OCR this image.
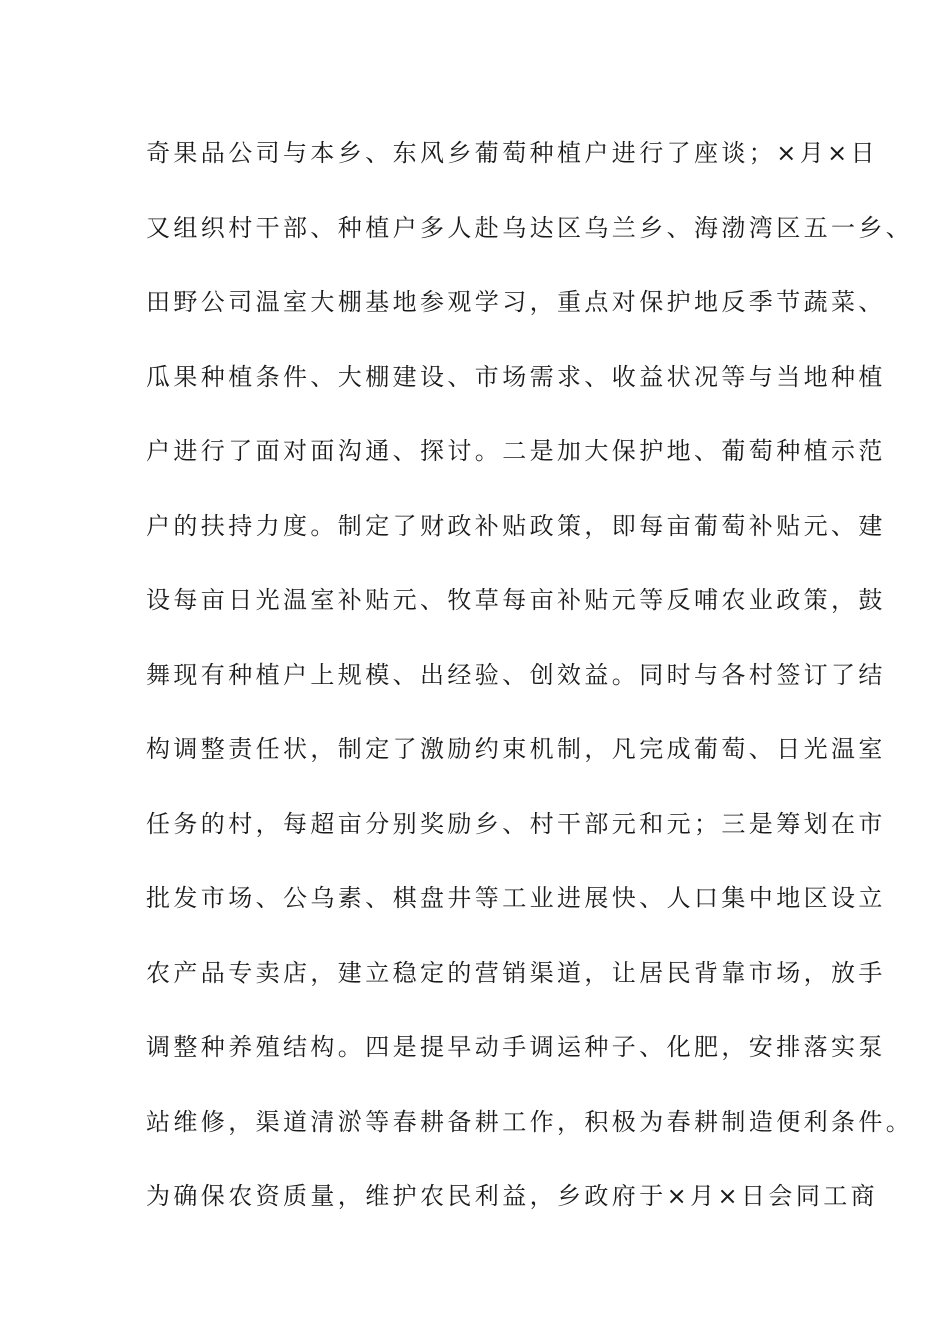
奇果品公司与本乡、东风乡葡萄种植户进行了座谈；×月×日
又组织村干部、种植户多人赴乌达区乌兰乡、海渤湾区五一乡、
田野公司温室大棚基地参观学习，重点对保护地反季节蔬菜、
瓜果种植条件、大棚建设、市场需求、收益状况等与当地种植
户进行了面对面沟通、探讨。二是加大保护地、葡萄种植示范
户的扶持力度。制定了财政补贴政策，即每亩葡萄补贴元、建
设每亩日光温室补贴元、牧草每亩补贴元等反哺农业政策，鼓
舞现有种植户上规模、出经验、创效益。同时与各村签订了结
构调整责任状，制定了激励约束机制，凡完成葡萄、日光温室
任务的村，每超亩分别奖励乡、村干部元和元；三是筹划在市
批发市场、公乌素、棋盘井等工业进展快、人口集中地区设立
农产品专卖店，建立稳定的营销渠道，让居民背靠市场，放手
调整种养殖结构。四是提早动手调运种子、化肥，安排落实泵
站维修，渠道清淤等春耕备耕工作，积极为春耕制造便利条件。
为确保农资质量，维护农民利益，乡政府于×月×日会同工商
